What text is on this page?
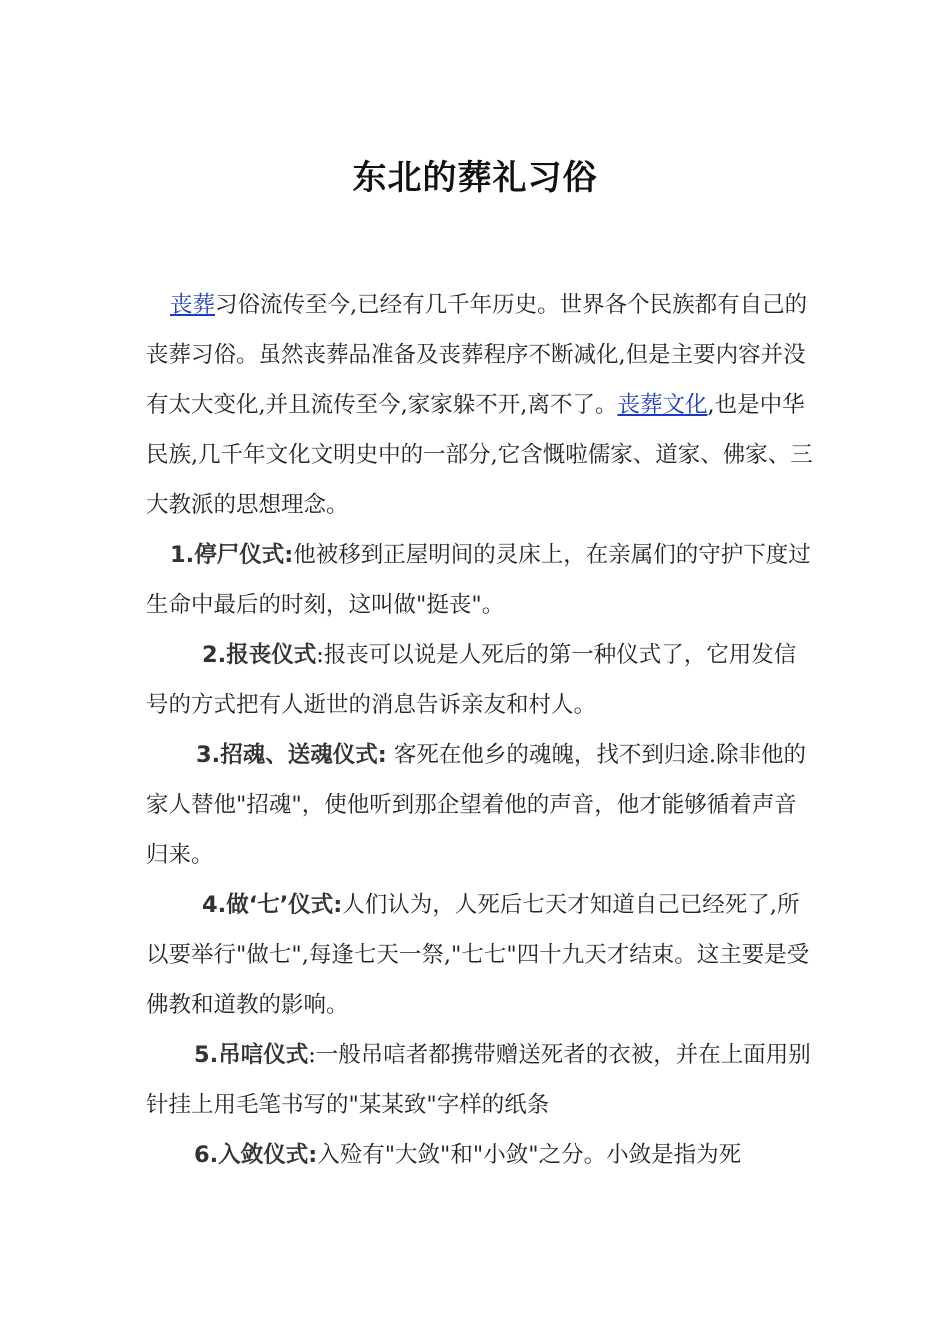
东北的葬礼习俗

丧葬习俗流传至今,已经有几千年历史。世界各个民族都有自己的丧葬习俗。虽然丧葬品准备及丧葬程序不断减化,但是主要内容并没有太大变化,并且流传至今,家家躲不开,离不了。丧葬文化,也是中华民族,几千年文化文明史中的一部分,它含慨啦儒家、道家、佛家、三大教派的思想理念。

1.停尸仪式:他被移到正屋明间的灵床上，在亲属们的守护下度过生命中最后的时刻，这叫做"挺丧"。

2.报丧仪式:报丧可以说是人死后的第一种仪式了，它用发信号的方式把有人逝世的消息告诉亲友和村人。

3.招魂、送魂仪式: 客死在他乡的魂魄，找不到归途.除非他的家人替他"招魂"，使他听到那企望着他的声音，他才能够循着声音归来。

4.做‘七’仪式:人们认为，人死后七天才知道自己已经死了,所以要举行"做七",每逢七天一祭,"七七"四十九天才结束。这主要是受佛教和道教的影响。

5.吊唁仪式:一般吊唁者都携带赠送死者的衣被，并在上面用别针挂上用毛笔书写的"某某致"字样的纸条

6.入敛仪式:入殓有"大敛"和"小敛"之分。小敛是指为死
